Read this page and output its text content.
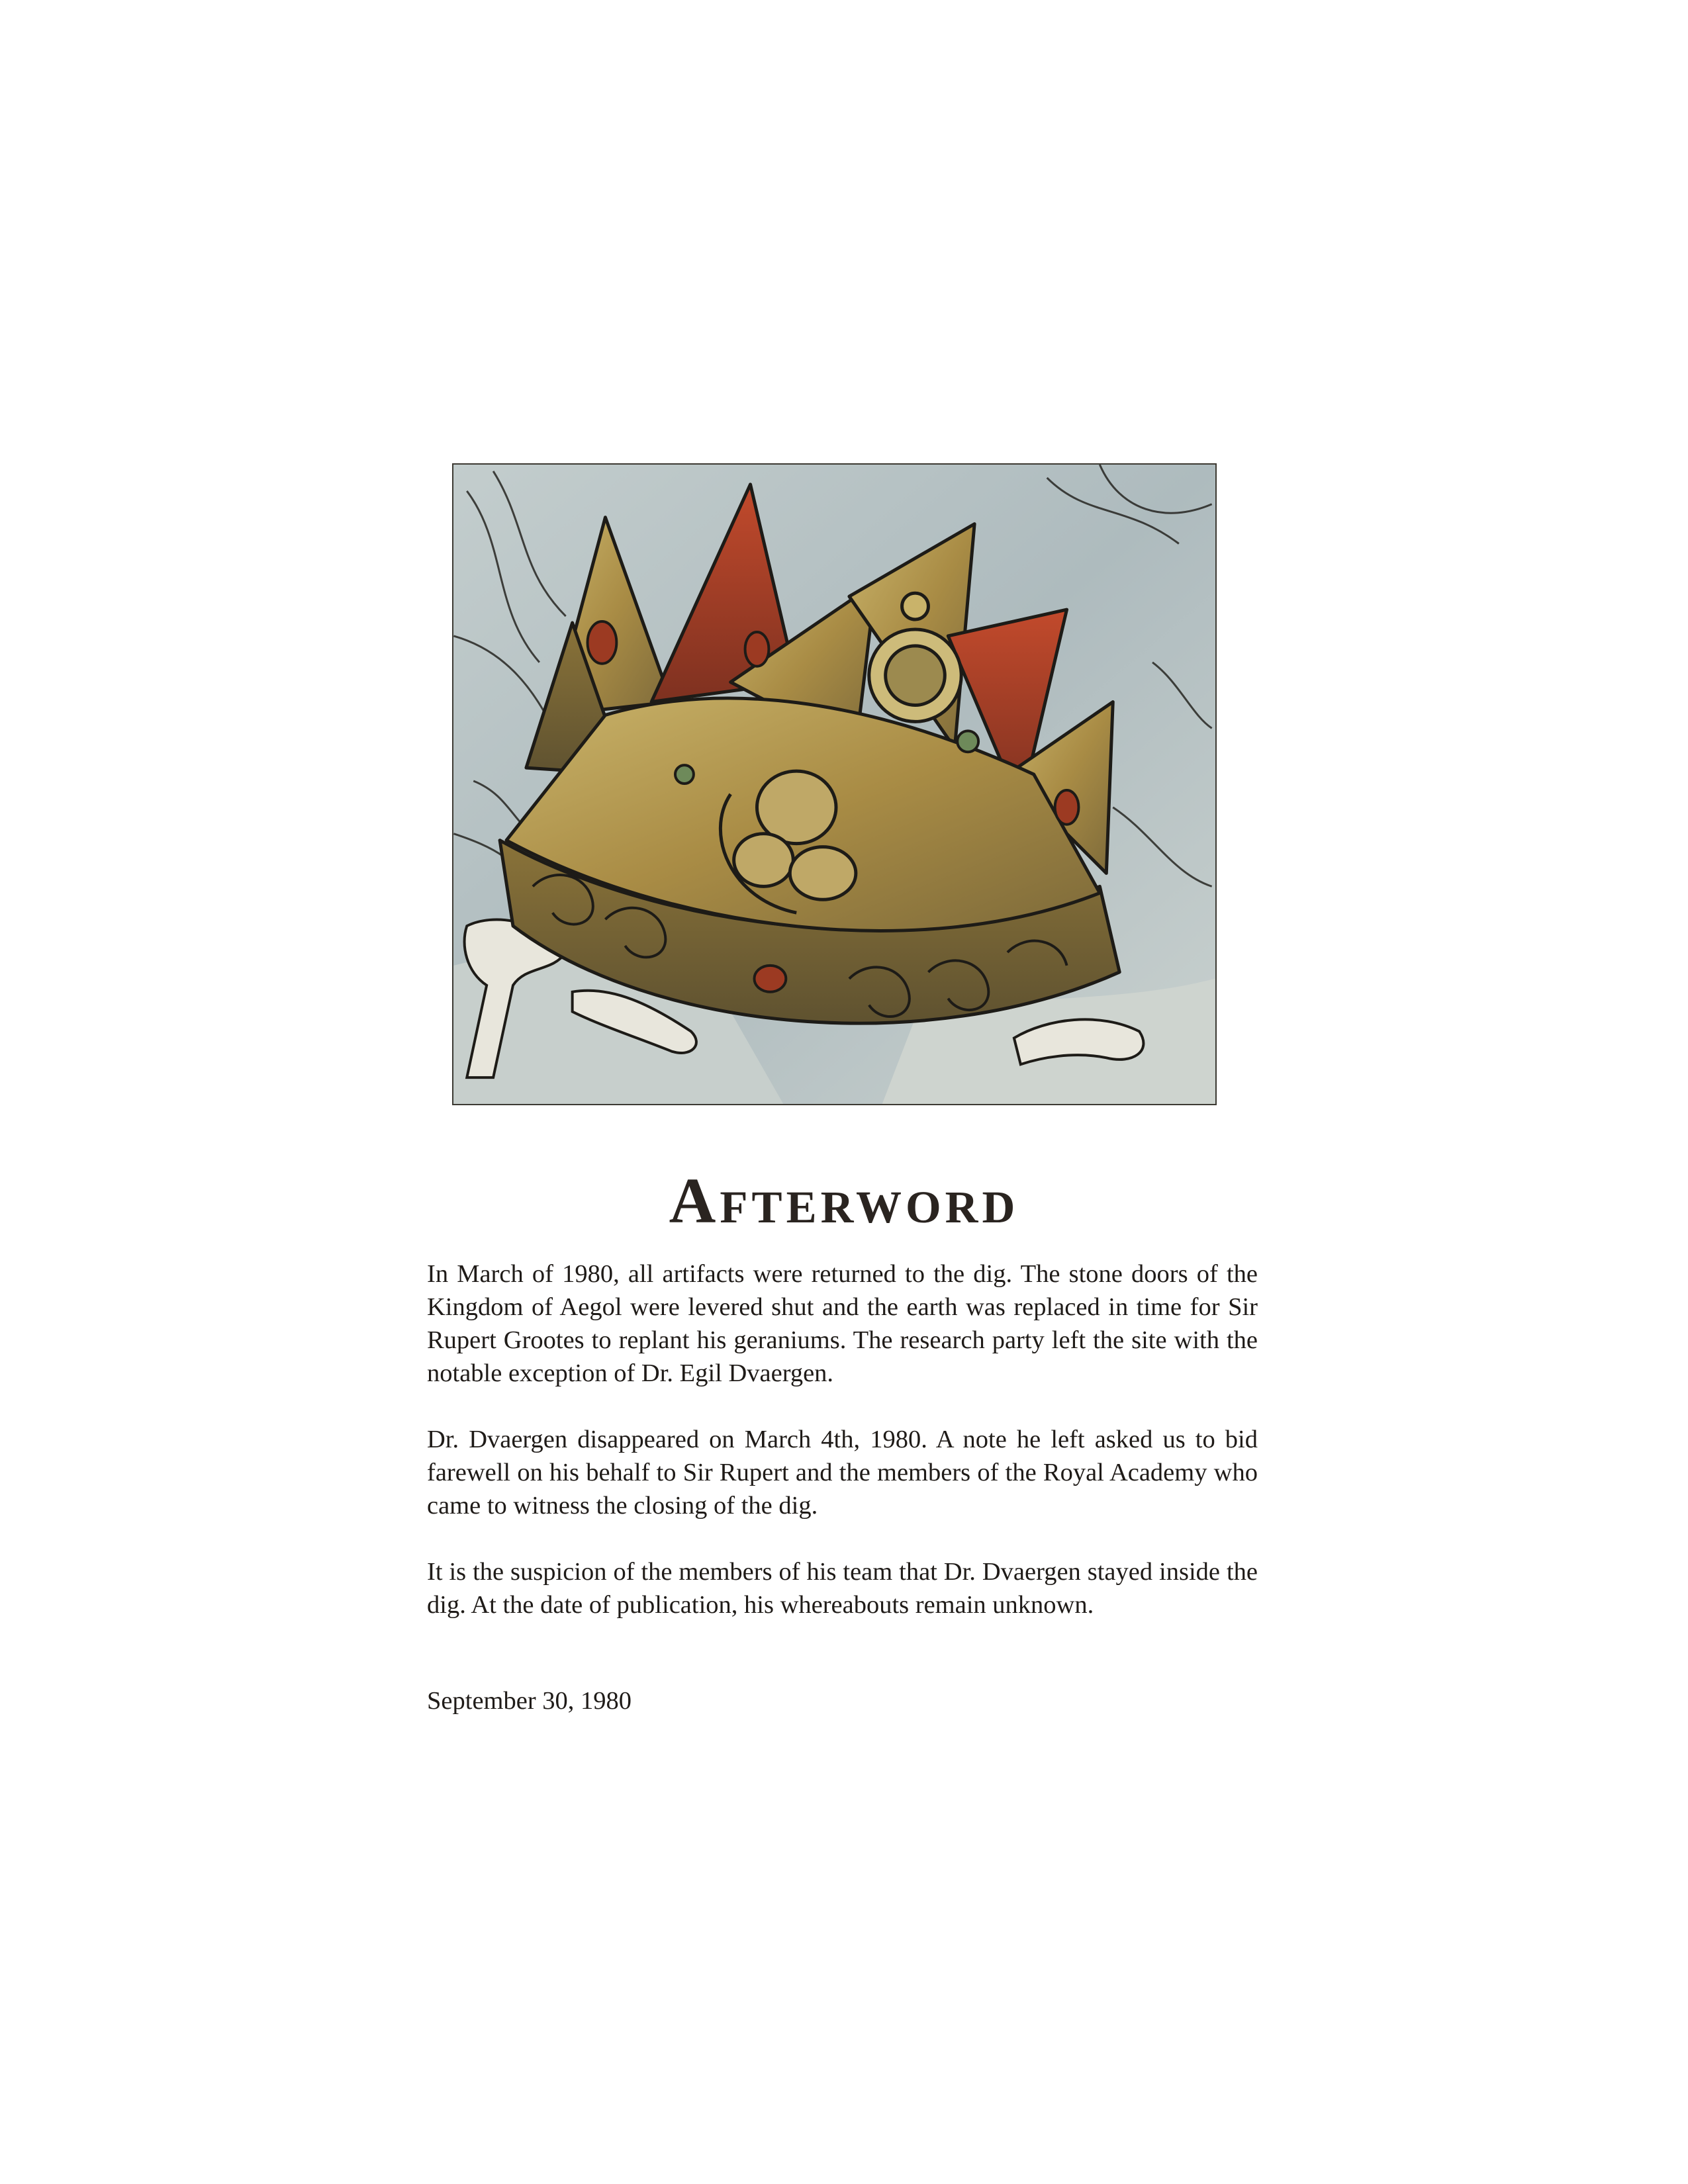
Afterword

In March of 1980, all artifacts were returned to the dig. The stone doors of the Kingdom of Aegol were levered shut and the earth was replaced in time for Sir Rupert Grootes to replant his geraniums. The research party left the site with the notable exception of Dr. Egil Dvaergen.

Dr. Dvaergen disappeared on March 4th, 1980. A note he left asked us to bid farewell on his behalf to Sir Rupert and the members of the Royal Academy who came to witness the closing of the dig.

It is the suspicion of the members of his team that Dr. Dvaergen stayed inside the dig. At the date of publication, his whereabouts remain unknown.

September 30, 1980
